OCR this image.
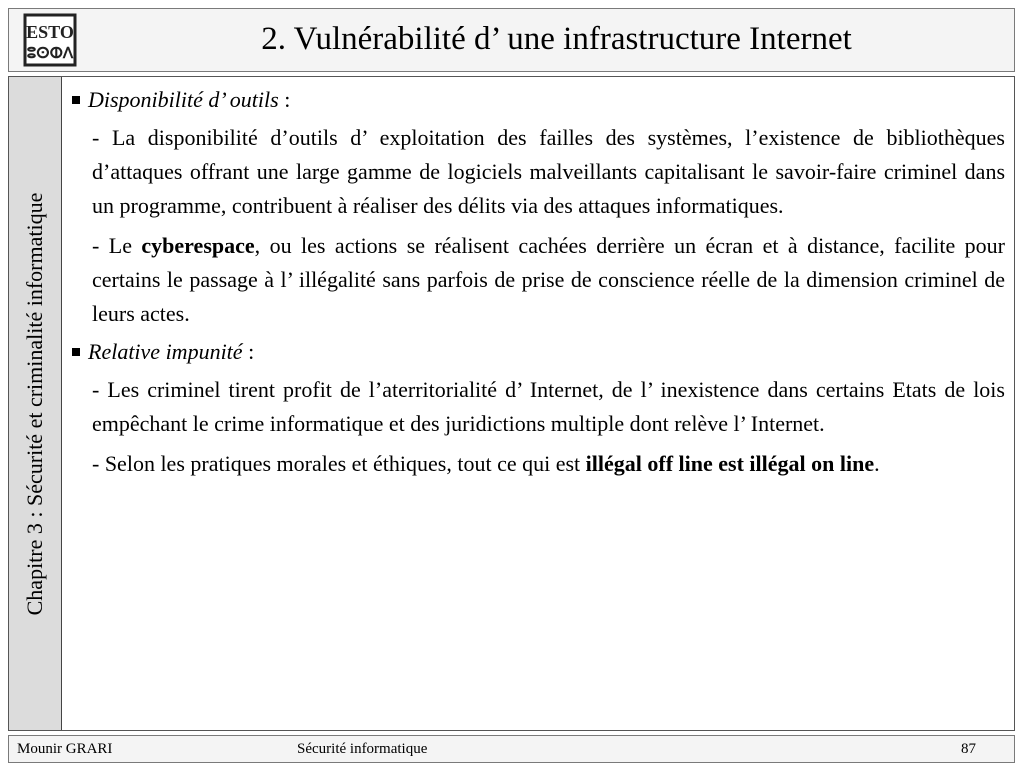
ESTO
ⵓⵙⵀⴷ	2. Vulnérabilité d’ une infrastructure Internet
Chapitre 3 : Sécurité et criminalité informatique

Disponibilité d’ outils :

- La disponibilité d’outils d’ exploitation des failles des systèmes, l’existence de bibliothèques d’attaques offrant une large gamme de logiciels malveillants capitalisant le savoir-faire criminel dans un programme, contribuent à réaliser des délits via des attaques informatiques.

- Le cyberespace, ou les actions se réalisent cachées derrière un écran et à distance, facilite pour certains le passage à l’ illégalité sans parfois de prise de conscience réelle de la dimension criminel de leurs actes.

Relative impunité :

- Les criminel tirent profit de l’aterritorialité d’ Internet, de l’ inexistence dans certains Etats de lois empêchant le crime informatique et des juridictions multiple dont relève l’ Internet.

- Selon les pratiques morales et éthiques, tout ce qui est illégal off line est illégal on line.

Mounir GRARI	Sécurité informatique	87
